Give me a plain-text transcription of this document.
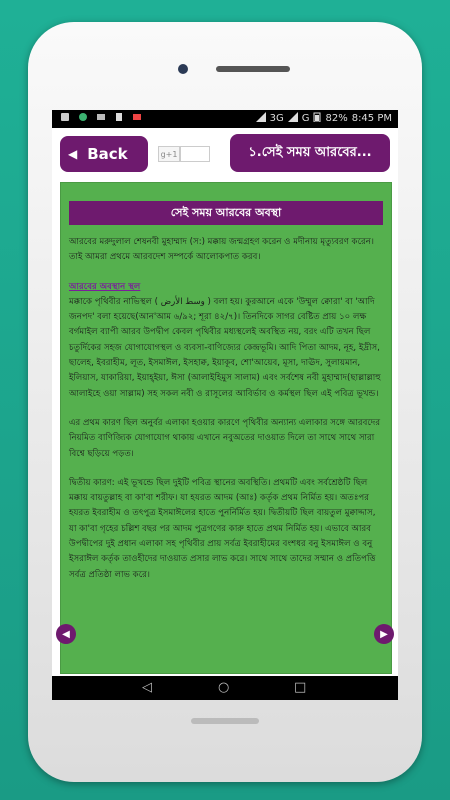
3G G 82% 8:45 PM
◀ Back	g+1	১.সেই সময় আরবের...
সেই সময় আরবের অবস্থা

আরবের মরুদুলাল শেষনবী মুহাম্মাদ (স:) মক্কায় জন্মগ্রহণ করেন ও মদীনায় মৃত্যুবরণ করেন। তাই আমরা প্রথমে আরবদেশ সম্পর্কে আলোকপাত করব।

আরবের অবস্থান স্থল

মক্কাকে পৃথিবীর নাভিস্থল ( وسط الأرض ) বলা হয়। কুরআনে একে 'উম্মুল ক্বোরা' বা 'আদি জনপদ' বলা হয়েছে(আন'আম ৬/৯২; শূরা ৪২/৭)। তিনদিকে সাগর বেষ্টিত প্রায় ১০ লক্ষ বর্গমাইল ব্যাপী আরব উপদ্বীপ কেবল পৃথিবীর মধ্যস্থলেই অবস্থিত নয়, বরং এটি তখন ছিল চতুর্দিকের সহজ যোগাযোগস্থল ও ব্যবসা-বাণিজ্যের কেন্দ্রভূমি। আদি পিতা আদম, নূহ, ইদ্রীস, ছালেহ, ইবরাহীম, লূত, ইসমাঈল, ইসহাক্ব, ইয়াকূব, শো'আয়েব, মূসা, দাঊদ, সুলায়মান, ইলিয়াস, যাকারিয়া, ইয়াহ্ইয়া, ঈসা (আলাইহিমুস সালাম) এবং সর্বশেষ নবী মুহাম্মাদ(ছাল্লাল্লাহু আলাইহে ওয়া সাল্লাম) সহ সকল নবী ও রাসূলের আবির্ভাব ও কর্মস্থল ছিল এই পবিত্র ভূখন্ড।

এর প্রথম কারণ ছিল অনুর্বর এলাকা হওয়ার কারণে পৃথিবীর অন্যান্য এলাকার সঙ্গে আরবদের নিয়মিত বাণিজ্যিক যোগাযোগ থাকায় এখানে নবুঅতের দাওয়াত দিলে তা সাথে সাথে সারা বিশ্বে ছড়িয়ে পড়ত।

দ্বিতীয় কারণ: এই ভূখন্ডে ছিল দুইটি পবিত্র স্থানের অবস্থিতি। প্রথমটি এবং সর্বশ্রেষ্ঠটি ছিল মক্কায় বায়তুল্লাহ বা কা'বা শরীফ। যা হযরত আদম (আঃ) কর্তৃক প্রথম নির্মিত হয়। অতঃপর হযরত ইবরাহীম ও তৎপুত্র ইসমাঈলের হাতে পুনর্নির্মিত হয়। দ্বিতীয়টি ছিল বায়তুল মুক্বাদ্দাস, যা কা'বা গৃহের চল্লিশ বছর পর আদম পুত্রগণের কারু হাতে প্রথম নির্মিত হয়। এভাবে আরব উপদ্বীপের দুই প্রধান এলাকা সহ পৃথিবীর প্রায় সর্বত্র ইবরাহীমের বংশধর বনু ইসমাঈল ও বনু ইসরাঈল কর্তৃক তাওহীদের দাওয়াত প্রসার লাভ করে। সাথে সাথে তাদের সম্মান ও প্রতিপত্তি সর্বত্র প্রতিষ্ঠা লাভ করে।

◁	○	□
◀	▶
